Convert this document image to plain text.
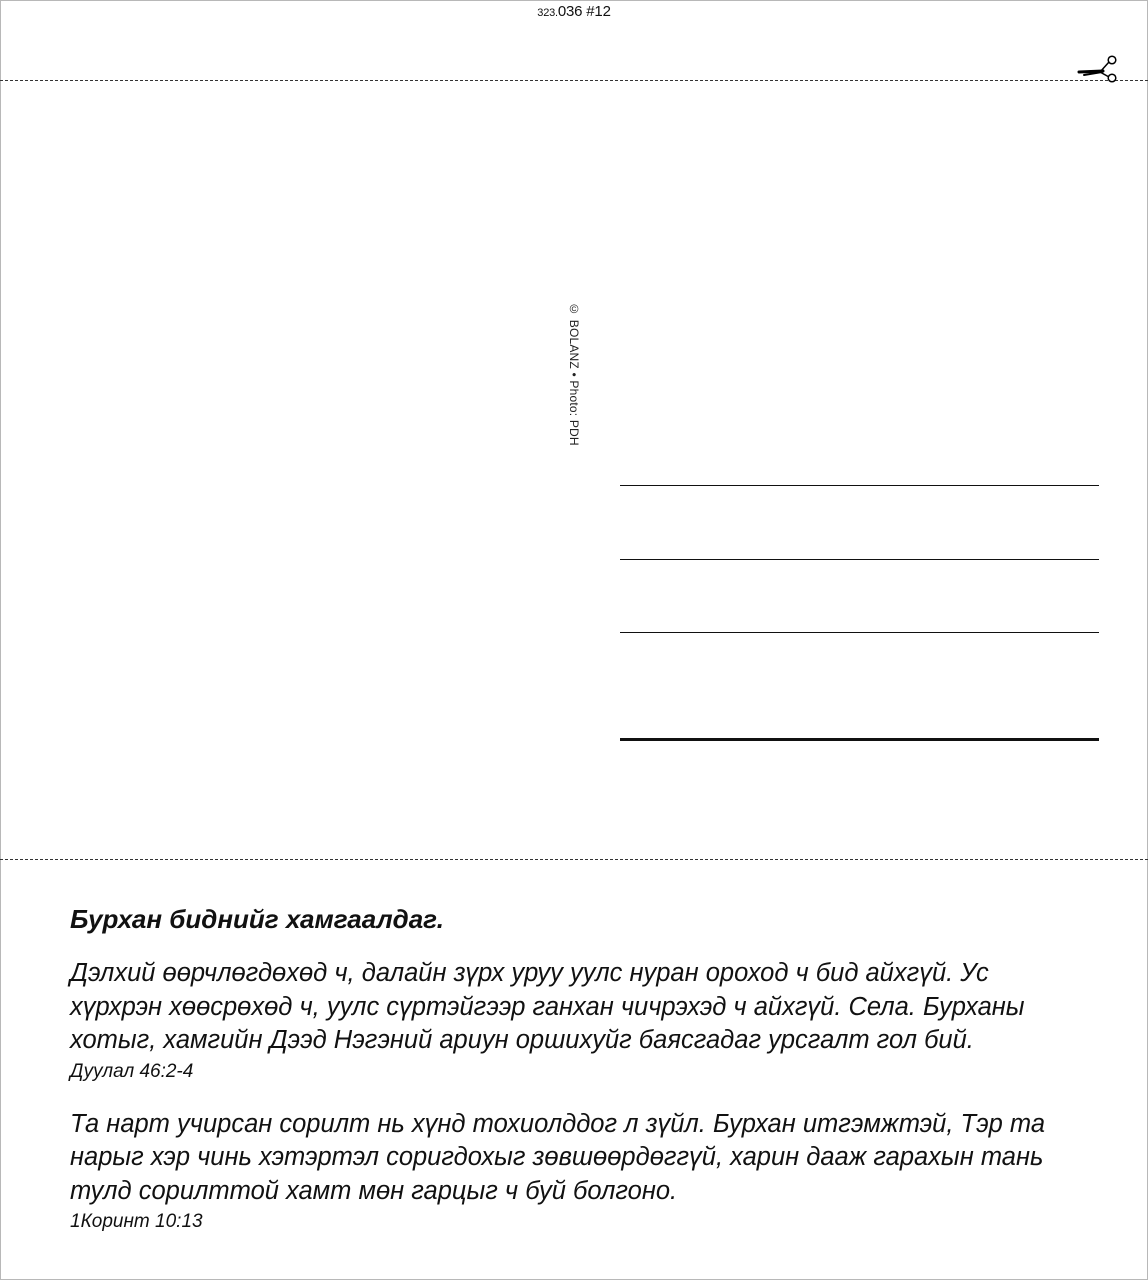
323.036 #12
© BOLANZ • Photo: PDH

Бурхан биднийг хамгаалдаг.

Дэлхий өөрчлөгдөхөд ч, далайн зүрх уруу уулс нуран ороход ч бид айхгүй. Ус хүрхрэн хөөсрөхөд ч, уулс сүртэйгээр ганхан чичрэхэд ч айхгүй. Села. Бурханы хотыг, хамгийн Дээд Нэгэний ариун оршихуйг баясгадаг урсгалт гол бий.

Дуулал 46:2-4

Та нарт учирсан сорилт нь хүнд тохиолддог л зүйл. Бурхан итгэмжтэй, Тэр та нарыг хэр чинь хэтэртэл соригдохыг зөвшөөрдөггүй, харин дааж гарахын тань тулд сорилттой хамт мөн гарцыг ч буй болгоно.

1Коринт 10:13
